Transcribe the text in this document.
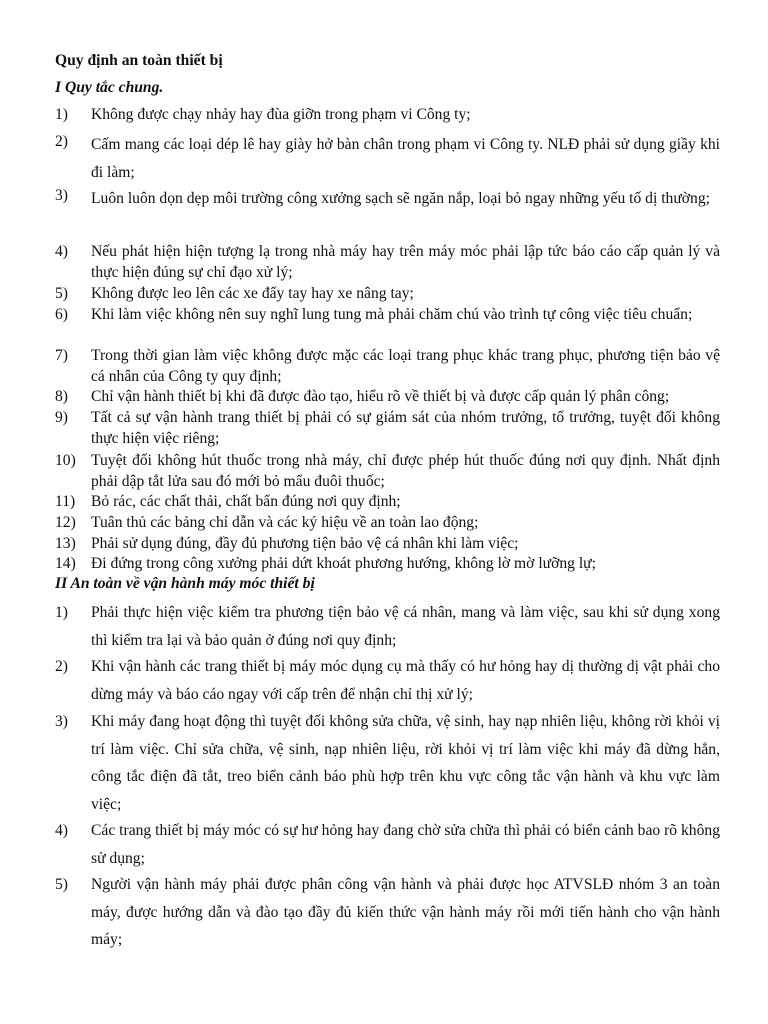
Quy định an toàn thiết bị
I Quy tắc chung.
1) Không được chạy nhảy hay đùa giỡn trong phạm vi Công ty;
2) Cấm mang các loại dép lê hay giày hở bàn chân trong phạm vi Công ty. NLĐ phải sử dụng giầy khi đi làm;
3) Luôn luôn dọn dẹp môi trường công xưởng sạch sẽ ngăn nắp, loại bỏ ngay những yếu tố dị thường;
4) Nếu phát hiện hiện tượng lạ trong nhà máy hay trên máy móc phải lập tức báo cáo cấp quản lý và thực hiện đúng sự chỉ đạo xử lý;
5) Không được leo lên các xe đẩy tay hay xe nâng tay;
6) Khi làm việc không nên suy nghĩ lung tung mà phải chăm chú vào trình tự công việc tiêu chuẩn;
7) Trong thời gian làm việc không được mặc các loại trang phục khác trang phục, phương tiện bảo vệ cá nhân của Công ty quy định;
8) Chỉ vận hành thiết bị khi đã được đào tạo, hiểu rõ về thiết bị và được cấp quản lý phân công;
9) Tất cả sự vận hành trang thiết bị phải có sự giám sát của nhóm trưởng, tổ trưởng, tuyệt đối không thực hiện việc riêng;
10) Tuyệt đối không hút thuốc trong nhà máy, chỉ được phép hút thuốc đúng nơi quy định. Nhất định phải dập tắt lửa sau đó mới bỏ mẩu đuôi thuốc;
11) Bỏ rác, các chất thải, chất bẩn đúng nơi quy định;
12) Tuân thủ các bảng chỉ dẫn và các ký hiệu về an toàn lao động;
13) Phải sử dụng đúng, đầy đủ phương tiện bảo vệ cá nhân khi làm việc;
14) Đi đứng trong công xưởng phải dứt khoát phương hướng, không lờ mờ lưỡng lự;
II An toàn về vận hành máy móc thiết bị
1) Phải thực hiện việc kiểm tra phương tiện bảo vệ cá nhân, mang và làm việc, sau khi sử dụng xong thì kiểm tra lại và bảo quản ở đúng nơi quy định;
2) Khi vận hành các trang thiết bị máy móc dụng cụ mà thấy có hư hỏng hay dị thường dị vật phải cho dừng máy và báo cáo ngay với cấp trên để nhận chỉ thị xử lý;
3) Khi máy đang hoạt động thì tuyệt đối không sửa chữa, vệ sinh, hay nạp nhiên liệu, không rời khỏi vị trí làm việc. Chỉ sửa chữa, vệ sinh, nạp nhiên liệu, rời khỏi vị trí làm việc khi máy đã dừng hẳn, công tắc điện đã tắt, treo biển cảnh báo phù hợp trên khu vực công tắc vận hành và khu vực làm việc;
4) Các trang thiết bị máy móc có sự hư hỏng hay đang chờ sửa chữa thì phải có biển cảnh bao rõ không sử dụng;
5) Người vận hành máy phải được phân công vận hành và phải được học ATVSLĐ nhóm 3 an toàn máy, được hướng dẫn và đào tạo đầy đủ kiến thức vận hành máy rồi mới tiến hành cho vận hành máy;
